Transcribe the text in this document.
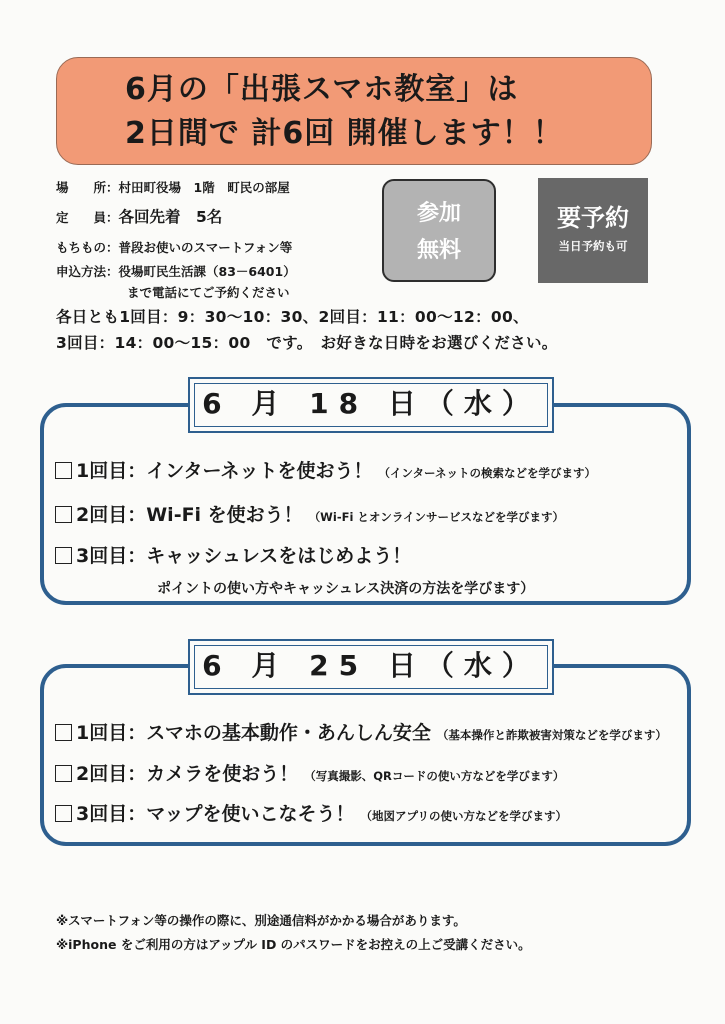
6月の「出張スマホ教室」は
2日間で 計6回 開催します！！
場　　所：村田町役場　1階　町民の部屋
定　　員：各回先着　5名
もちもの：普段お使いのスマートフォン等
申込方法：役場町民生活課（83－6401）
まで電話にてご予約ください
参加
無料
要予約
当日予約も可
各日とも1回目：9：30～10：30、2回目：11：00～12：00、
3回目：14：00～15：00　です。　お好きな日時をお選びください。
6 月 18 日（水）
1回目：インターネットを使おう！ （インターネットの検索などを学びます）
2回目：Wi-Fi を使おう！ （Wi-Fi とオンラインサービスなどを学びます）
3回目：キャッシュレスをはじめよう！
ポイントの使い方やキャッシュレス決済の方法を学びます）
6 月 25 日（水）
1回目：スマホの基本動作・あんしん安全 （基本操作と詐欺被害対策などを学びます）
2回目：カメラを使おう！ （写真撮影、QRコードの使い方などを学びます）
3回目：マップを使いこなそう！ （地図アプリの使い方などを学びます）
※スマートフォン等の操作の際に、別途通信料がかかる場合があります。
※iPhone をご利用の方はアップル ID のパスワードをお控えの上ご受講ください。
